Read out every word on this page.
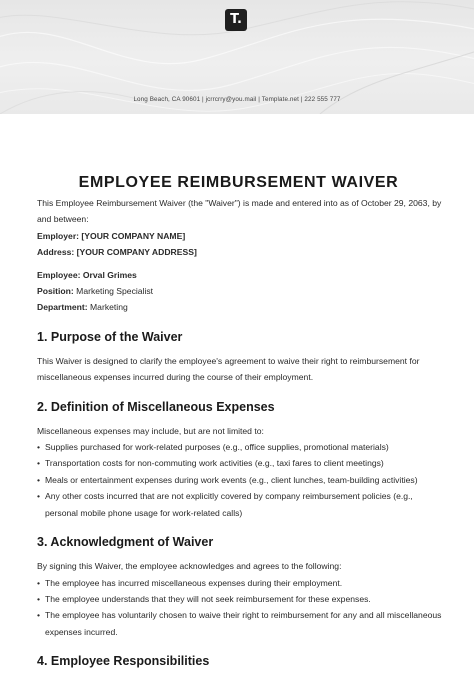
T.
Long Beach, CA 90601 | jcrrcrry@you.mail | Template.net | 222 555 777
EMPLOYEE REIMBURSEMENT WAIVER

This Employee Reimbursement Waiver (the "Waiver") is made and entered into as of October 29, 2063, by and between:

Employer: [YOUR COMPANY NAME]

Address: [YOUR COMPANY ADDRESS]

Employee: Orval Grimes

Position: Marketing Specialist

Department: Marketing

1. Purpose of the Waiver

This Waiver is designed to clarify the employee's agreement to waive their right to reimbursement for miscellaneous expenses incurred during the course of their employment.

2. Definition of Miscellaneous Expenses

Miscellaneous expenses may include, but are not limited to:

• Supplies purchased for work-related purposes (e.g., office supplies, promotional materials)
• Transportation costs for non-commuting work activities (e.g., taxi fares to client meetings)
• Meals or entertainment expenses during work events (e.g., client lunches, team-building activities)
• Any other costs incurred that are not explicitly covered by company reimbursement policies (e.g., personal mobile phone usage for work-related calls)
3. Acknowledgment of Waiver

By signing this Waiver, the employee acknowledges and agrees to the following:

• The employee has incurred miscellaneous expenses during their employment.
• The employee understands that they will not seek reimbursement for these expenses.
• The employee has voluntarily chosen to waive their right to reimbursement for any and all miscellaneous expenses incurred.
4. Employee Responsibilities
